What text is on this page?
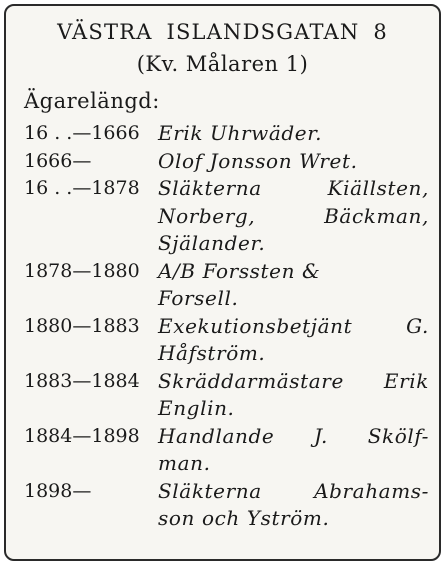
VÄSTRA ISLANDSGATAN 8
(Kv. Målaren 1)
Ägarelängd:
16 . .—1666 Erik Uhrwäder.
1666—	Olof Jonsson Wret.
16 . .—1878 Släkterna Kiällsten,
Norberg, Bäckman,
Själander.
1878—1880 A/B Forssten &
Forsell.
1880—1883 Exekutionsbetjänt G.
Håfström.
1883—1884 Skräddarmästare Erik
Englin.
1884—1898 Handlande J. Skölf-
man.
1898—	Släkterna Abrahams-
son och Yström.
